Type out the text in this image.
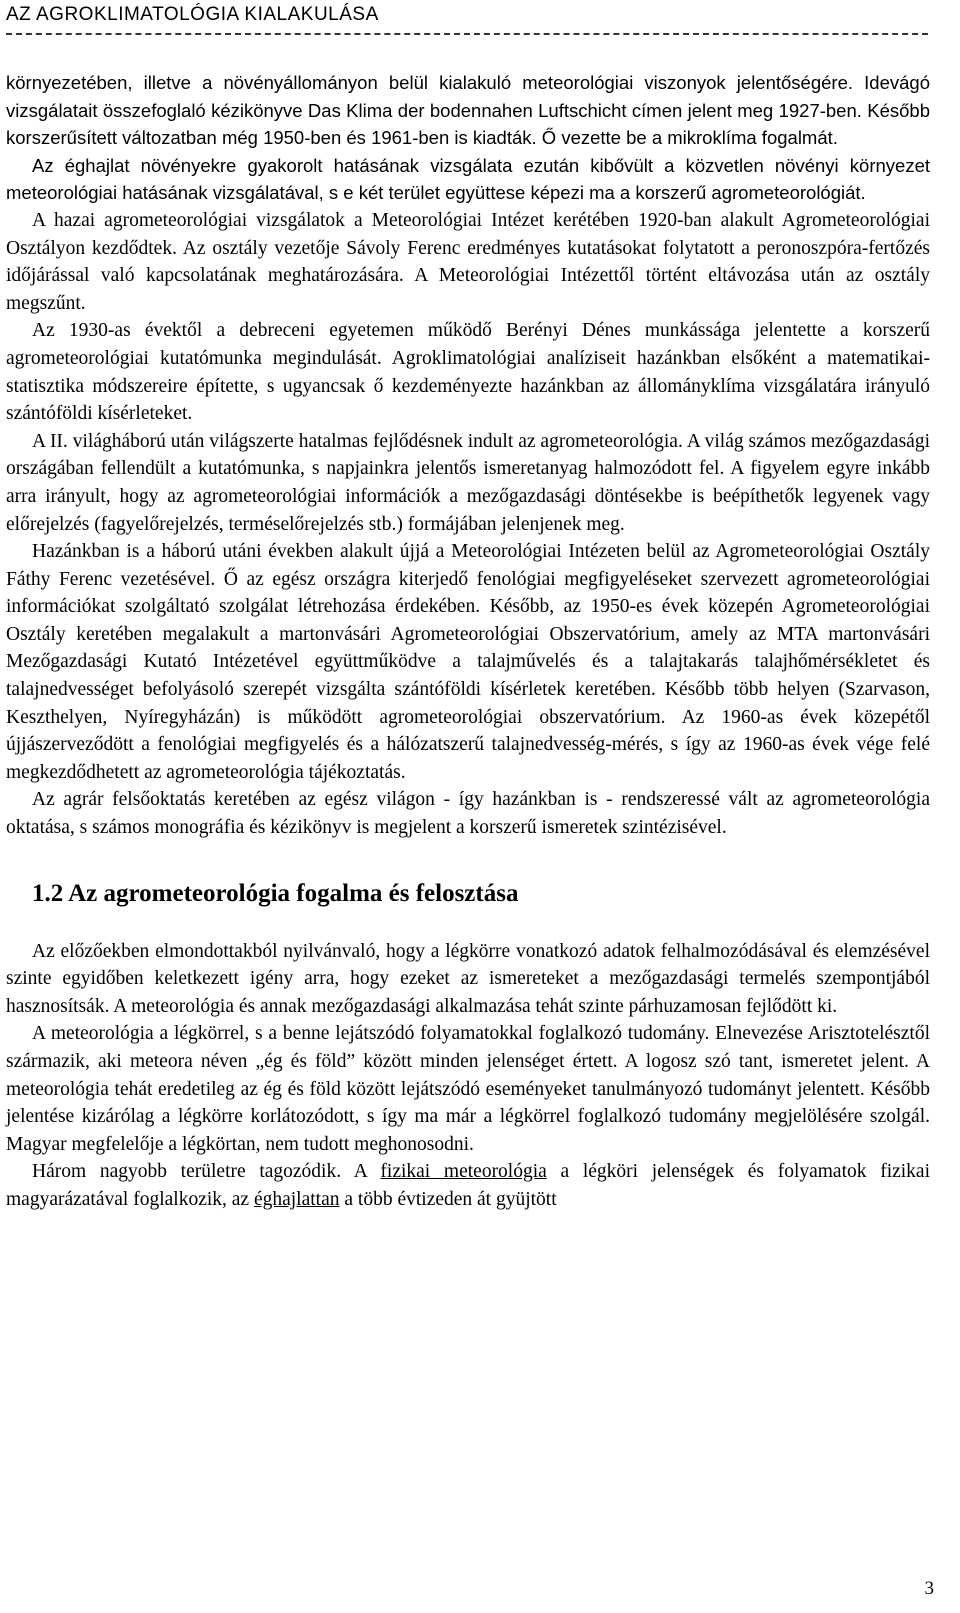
AZ AGROKLIMATOLÓGIA KIALAKULÁSA

környezetében, illetve a növényállományon belül kialakuló meteorológiai viszonyok jelentőségére. Idevágó vizsgálatait összefoglaló kézikönyve Das Klima der bodennahen Luftschicht címen jelent meg 1927-ben. Később korszerűsített változatban még 1950-ben és 1961-ben is kiadták. Ő vezette be a mikroklíma fogalmát.

Az éghajlat növényekre gyakorolt hatásának vizsgálata ezután kibővült a közvetlen növényi környezet meteorológiai hatásának vizsgálatával, s e két terület együttese képezi ma a korszerű agrometeorológiát.

A hazai agrometeorológiai vizsgálatok a Meteorológiai Intézet kerétében 1920-ban alakult Agrometeorológiai Osztályon kezdődtek. Az osztály vezetője Sávoly Ferenc eredményes kutatásokat folytatott a peronoszpóra-fertőzés időjárással való kapcsolatának meghatározására. A Meteorológiai Intézettől történt eltávozása után az osztály megszűnt.

Az 1930-as évektől a debreceni egyetemen működő Berényi Dénes munkássága jelentette a korszerű agrometeorológiai kutatómunka megindulását. Agroklimatológiai analíziseit hazánkban elsőként a matematikai-statisztika módszereire építette, s ugyancsak ő kezdeményezte hazánkban az állományklíma vizsgálatára irányuló szántóföldi kísérleteket.

A II. világháború után világszerte hatalmas fejlődésnek indult az agrometeorológia. A világ számos mezőgazdasági országában fellendült a kutatómunka, s napjainkra jelentős ismeretanyag halmozódott fel. A figyelem egyre inkább arra irányult, hogy az agrometeorológiai információk a mezőgazdasági döntésekbe is beépíthetők legyenek vagy előrejelzés (fagyelőrejelzés, terméselőrejelzés stb.) formájában jelenjenek meg.

Hazánkban is a háború utáni években alakult újjá a Meteorológiai Intézeten belül az Agrometeorológiai Osztály Fáthy Ferenc vezetésével. Ő az egész országra kiterjedő fenológiai megfigyeléseket szervezett agrometeorológiai információkat szolgáltató szolgálat létrehozása érdekében. Később, az 1950-es évek közepén Agrometeorológiai Osztály keretében megalakult a martonvásári Agrometeorológiai Obszervatórium, amely az MTA martonvásári Mezőgazdasági Kutató Intézetével együttműködve a talajművelés és a talajtakarás talajhőmérsékletet és talajnedvességet befolyásoló szerepét vizsgálta szántóföldi kísérletek keretében. Később több helyen (Szarvason, Keszthelyen, Nyíregyházán) is működött agrometeorológiai obszervatórium. Az 1960-as évek közepétől újjászerveződött a fenológiai megfigyelés és a hálózatszerű talajnedvesség-mérés, s így az 1960-as évek vége felé megkezdődhetett az agrometeorológia tájékoztatás.

Az agrár felsőoktatás keretében az egész világon - így hazánkban is - rendszeressé vált az agrometeorológia oktatása, s számos monográfia és kézikönyv is megjelent a korszerű ismeretek szintézisével.

1.2 Az agrometeorológia fogalma és felosztása

Az előzőekben elmondottakból nyilvánvaló, hogy a légkörre vonatkozó adatok felhalmozódásával és elemzésével szinte egyidőben keletkezett igény arra, hogy ezeket az ismereteket a mezőgazdasági termelés szempontjából hasznosítsák. A meteorológia és annak mezőgazdasági alkalmazása tehát szinte párhuzamosan fejlődött ki.

A meteorológia a légkörrel, s a benne lejátszódó folyamatokkal foglalkozó tudomány. Elnevezése Arisztotelésztől származik, aki meteora néven „ég és föld” között minden jelenséget értett. A logosz szó tant, ismeretet jelent. A meteorológia tehát eredetileg az ég és föld között lejátszódó eseményeket tanulmányozó tudományt jelentett. Később jelentése kizárólag a légkörre korlátozódott, s így ma már a légkörrel foglalkozó tudomány megjelölésére szolgál. Magyar megfelelője a légkörtan, nem tudott meghonosodni.

Három nagyobb területre tagozódik. A fizikai meteorológia a légköri jelenségek és folyamatok fizikai magyarázatával foglalkozik, az éghajlattan a több évtizeden át gyüjtött

3
